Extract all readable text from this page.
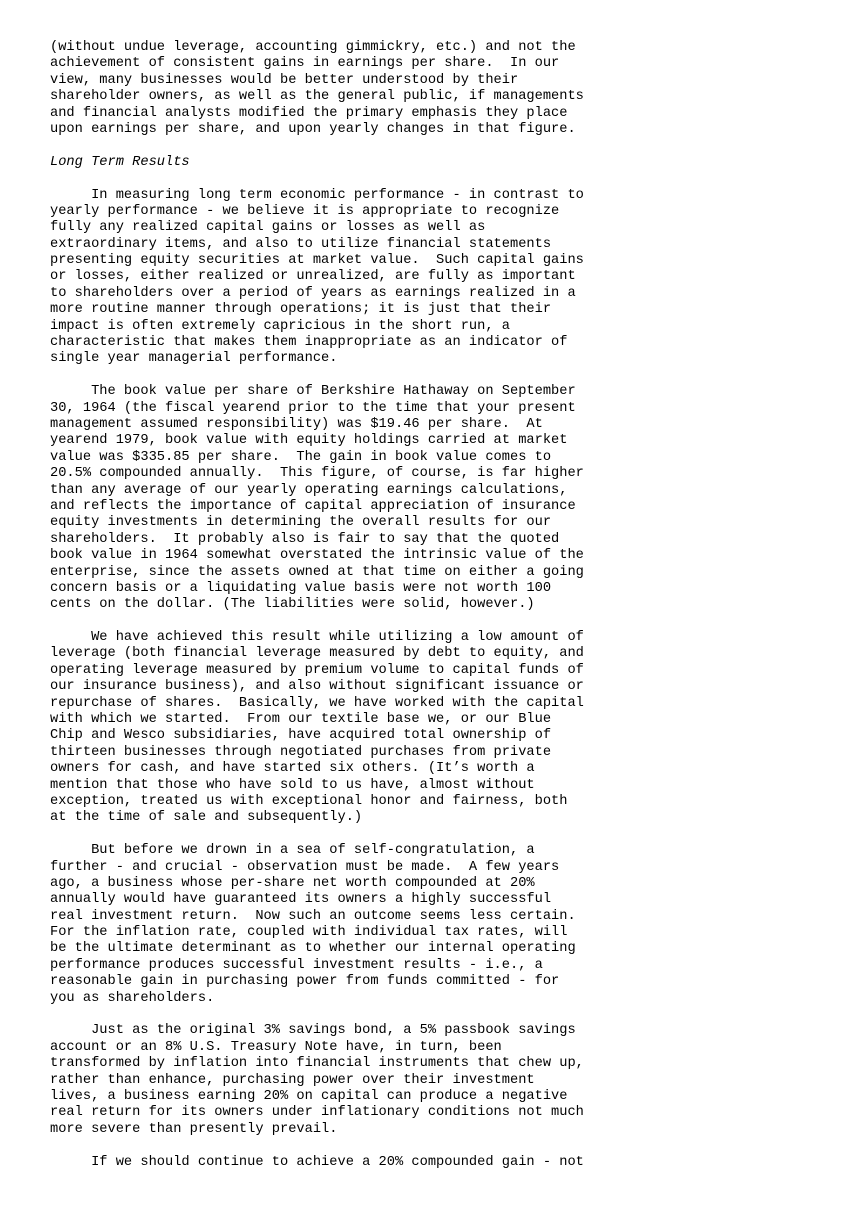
(without undue leverage, accounting gimmickry, etc.) and not the
achievement of consistent gains in earnings per share.  In our
view, many businesses would be better understood by their
shareholder owners, as well as the general public, if managements
and financial analysts modified the primary emphasis they place
upon earnings per share, and upon yearly changes in that figure.
Long Term Results
In measuring long term economic performance - in contrast to
yearly performance - we believe it is appropriate to recognize
fully any realized capital gains or losses as well as
extraordinary items, and also to utilize financial statements
presenting equity securities at market value.  Such capital gains
or losses, either realized or unrealized, are fully as important
to shareholders over a period of years as earnings realized in a
more routine manner through operations; it is just that their
impact is often extremely capricious in the short run, a
characteristic that makes them inappropriate as an indicator of
single year managerial performance.
The book value per share of Berkshire Hathaway on September
30, 1964 (the fiscal yearend prior to the time that your present
management assumed responsibility) was $19.46 per share.  At
yearend 1979, book value with equity holdings carried at market
value was $335.85 per share.  The gain in book value comes to
20.5% compounded annually.  This figure, of course, is far higher
than any average of our yearly operating earnings calculations,
and reflects the importance of capital appreciation of insurance
equity investments in determining the overall results for our
shareholders.  It probably also is fair to say that the quoted
book value in 1964 somewhat overstated the intrinsic value of the
enterprise, since the assets owned at that time on either a going
concern basis or a liquidating value basis were not worth 100
cents on the dollar. (The liabilities were solid, however.)
We have achieved this result while utilizing a low amount of
leverage (both financial leverage measured by debt to equity, and
operating leverage measured by premium volume to capital funds of
our insurance business), and also without significant issuance or
repurchase of shares.  Basically, we have worked with the capital
with which we started.  From our textile base we, or our Blue
Chip and Wesco subsidiaries, have acquired total ownership of
thirteen businesses through negotiated purchases from private
owners for cash, and have started six others. (It’s worth a
mention that those who have sold to us have, almost without
exception, treated us with exceptional honor and fairness, both
at the time of sale and subsequently.)
But before we drown in a sea of self-congratulation, a
further - and crucial - observation must be made.  A few years
ago, a business whose per-share net worth compounded at 20%
annually would have guaranteed its owners a highly successful
real investment return.  Now such an outcome seems less certain.
For the inflation rate, coupled with individual tax rates, will
be the ultimate determinant as to whether our internal operating
performance produces successful investment results - i.e., a
reasonable gain in purchasing power from funds committed - for
you as shareholders.
Just as the original 3% savings bond, a 5% passbook savings
account or an 8% U.S. Treasury Note have, in turn, been
transformed by inflation into financial instruments that chew up,
rather than enhance, purchasing power over their investment
lives, a business earning 20% on capital can produce a negative
real return for its owners under inflationary conditions not much
more severe than presently prevail.
If we should continue to achieve a 20% compounded gain - not
